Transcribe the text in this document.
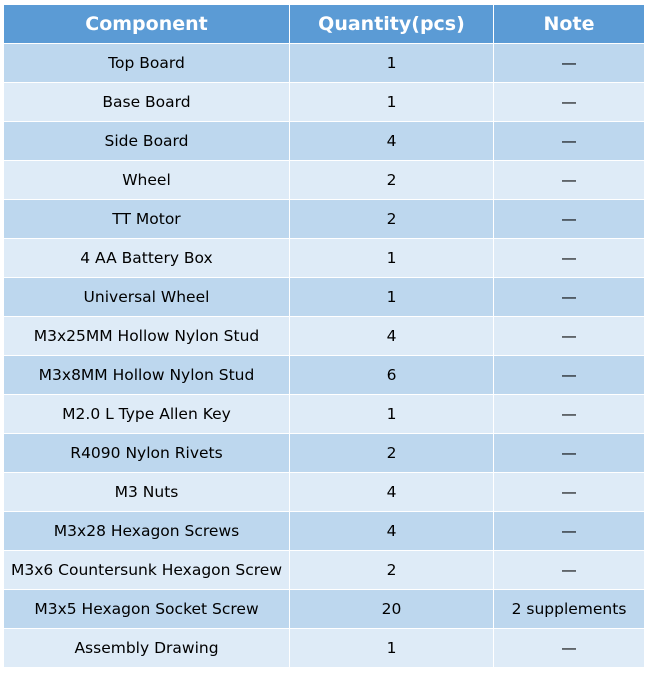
Component	Quantity(pcs)	Note
Top Board	1	—
Base Board	1	—
Side Board	4	—
Wheel	2	—
TT Motor	2	—
4 AA Battery Box	1	—
Universal Wheel	1	—
M3x25MM Hollow Nylon Stud	4	—
M3x8MM Hollow Nylon Stud	6	—
M2.0 L Type Allen Key	1	—
R4090 Nylon Rivets	2	—
M3 Nuts	4	—
M3x28 Hexagon Screws	4	—
M3x6 Countersunk Hexagon Screw	2	—
M3x5 Hexagon Socket Screw	20	2 supplements
Assembly Drawing	1	—
